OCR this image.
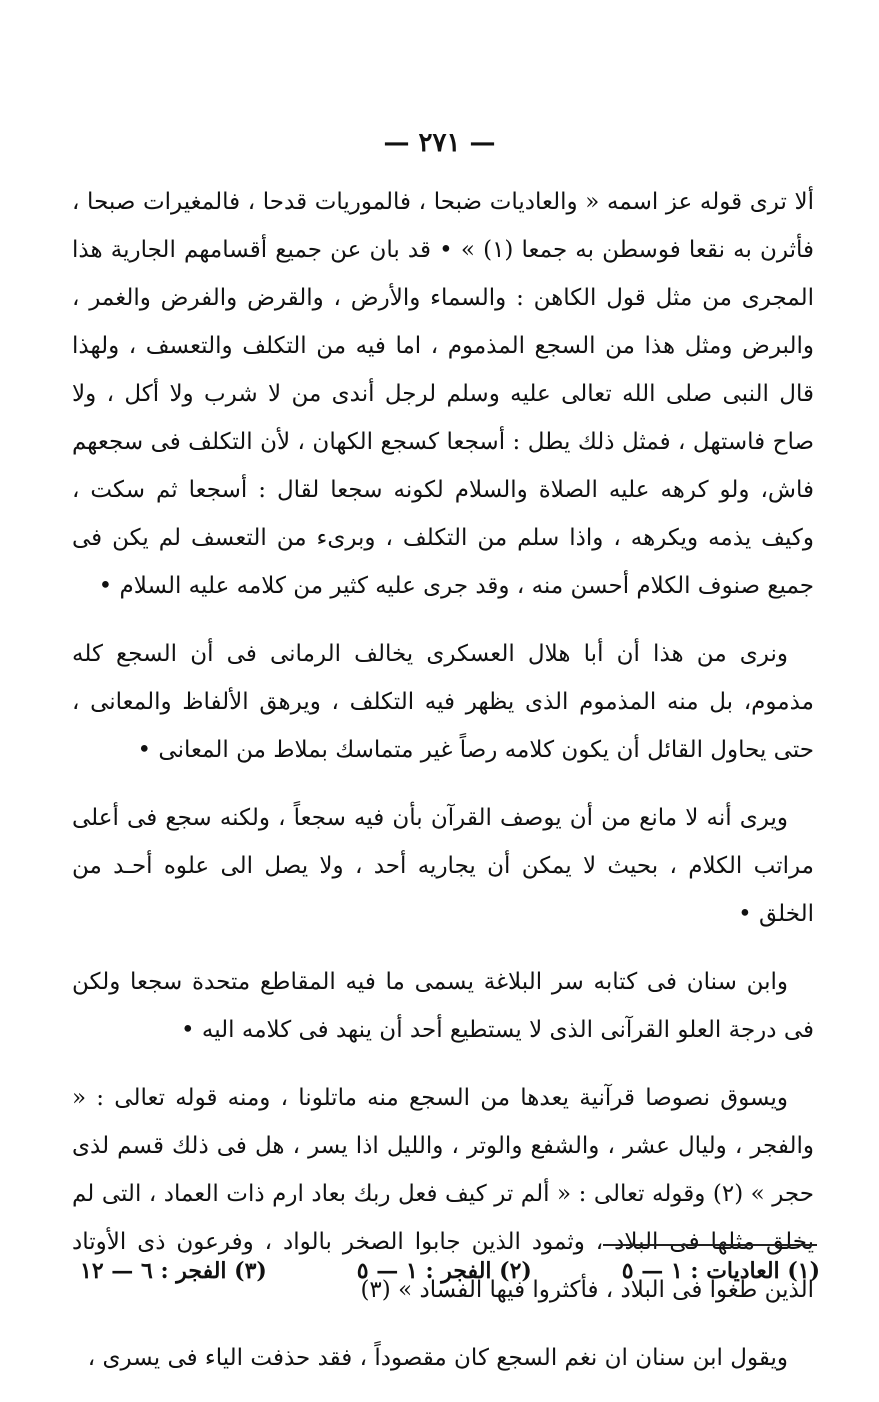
— ٢٧١ —

ألا ترى قوله عز اسمه « والعاديات ضبحا ، فالموريات قدحا ، فالمغيرات صبحا ، فأثرن به نقعا فوسطن به جمعا (١) » • قد بان عن جميع أقسامهم الجارية هذا المجرى من مثل قول الكاهن : والسماء والأرض ، والقرض والفرض والغمر ، والبرض ومثل هذا من السجع المذموم ، اما فيه من التكلف والتعسف ، ولهذا قال النبى صلى الله تعالى عليه وسلم لرجل أندى من لا شرب ولا أكل ، ولا صاح فاستهل ، فمثل ذلك يطل : أسجعا كسجع الكهان ، لأن التكلف فى سجعهم فاش، ولو كرهه عليه الصلاة والسلام لكونه سجعا لقال : أسجعا ثم سكت ، وكيف يذمه ويكرهه ، واذا سلم من التكلف ، وبرىء من التعسف لم يكن فى جميع صنوف الكلام أحسن منه ، وقد جرى عليه كثير من كلامه عليه السلام •

ونرى من هذا أن أبا هلال العسكرى يخالف الرمانى فى أن السجع كله مذموم، بل منه المذموم الذى يظهر فيه التكلف ، ويرهق الألفاظ والمعانى ، حتى يحاول القائل أن يكون كلامه رصاً غير متماسك بملاط من المعانى •

ويرى أنه لا مانع من أن يوصف القرآن بأن فيه سجعاً ، ولكنه سجع فى أعلى مراتب الكلام ، بحيث لا يمكن أن يجاريه أحد ، ولا يصل الى علوه أحـد من الخلق •

وابن سنان فى كتابه سر البلاغة يسمى ما فيه المقاطع متحدة سجعا ولكن فى درجة العلو القرآنى الذى لا يستطيع أحد أن ينهد فى كلامه اليه •

ويسوق نصوصا قرآنية يعدها من السجع منه ماتلونا ، ومنه قوله تعالى : « والفجر ، وليال عشر ، والشفع والوتر ، والليل اذا يسر ، هل فى ذلك قسم لذى حجر » (٢) وقوله تعالى : « ألم تر كيف فعل ربك بعاد ارم ذات العماد ، التى لم يخلق مثلها فى البلاد ، وثمود الذين جابوا الصخر بالواد ، وفرعون ذى الأوتاد الذين طغوا فى البلاد ، فأكثروا فيها الفساد » (٣)

ويقول ابن سنان ان نغم السجع كان مقصوداً ، فقد حذفت الياء فى يسرى ،

(١) العاديات : ١ — ٥
(٢) الفجر : ١ — ٥
(٣) الفجر : ٦ — ١٢
